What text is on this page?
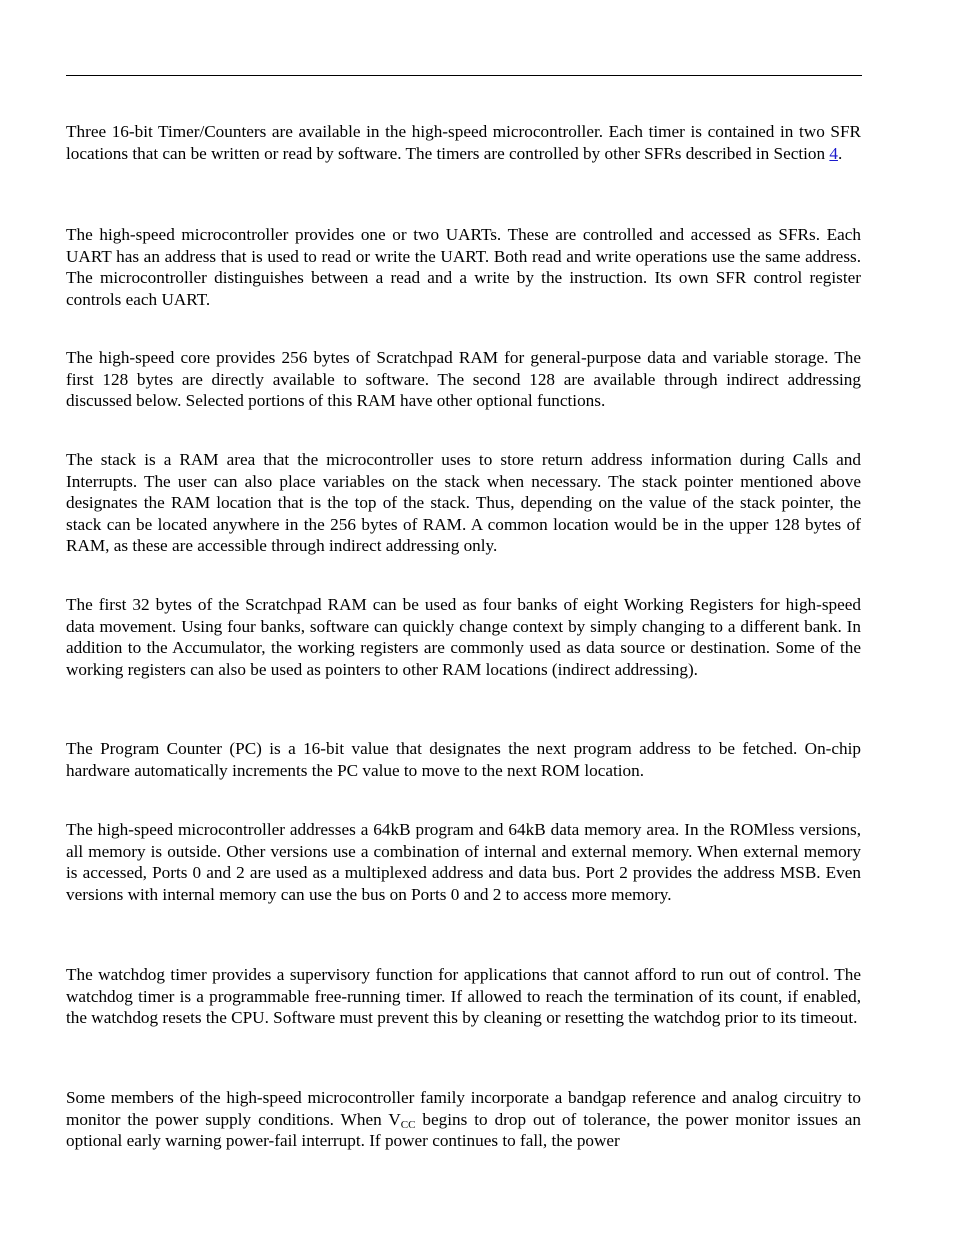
Three 16-bit Timer/Counters are available in the high-speed microcontroller. Each timer is contained in two SFR locations that can be written or read by software. The timers are controlled by other SFRs described in Section 4.

The high-speed microcontroller provides one or two UARTs. These are controlled and accessed as SFRs. Each UART has an address that is used to read or write the UART. Both read and write operations use the same address. The microcontroller distinguishes between a read and a write by the instruction. Its own SFR control register controls each UART.

The high-speed core provides 256 bytes of Scratchpad RAM for general-purpose data and variable storage. The first 128 bytes are directly available to software. The second 128 are available through indirect addressing discussed below. Selected portions of this RAM have other optional functions.

The stack is a RAM area that the microcontroller uses to store return address information during Calls and Interrupts. The user can also place variables on the stack when necessary. The stack pointer mentioned above designates the RAM location that is the top of the stack. Thus, depending on the value of the stack pointer, the stack can be located anywhere in the 256 bytes of RAM. A common location would be in the upper 128 bytes of RAM, as these are accessible through indirect addressing only.

The first 32 bytes of the Scratchpad RAM can be used as four banks of eight Working Registers for high-speed data movement. Using four banks, software can quickly change context by simply changing to a different bank. In addition to the Accumulator, the working registers are commonly used as data source or destination. Some of the working registers can also be used as pointers to other RAM locations (indirect addressing).

The Program Counter (PC) is a 16-bit value that designates the next program address to be fetched. On-chip hardware automatically increments the PC value to move to the next ROM location.

The high-speed microcontroller addresses a 64kB program and 64kB data memory area. In the ROMless versions, all memory is outside. Other versions use a combination of internal and external memory. When external memory is accessed, Ports 0 and 2 are used as a multiplexed address and data bus. Port 2 provides the address MSB. Even versions with internal memory can use the bus on Ports 0 and 2 to access more memory.

The watchdog timer provides a supervisory function for applications that cannot afford to run out of control. The watchdog timer is a programmable free-running timer. If allowed to reach the termination of its count, if enabled, the watchdog resets the CPU. Software must prevent this by cleaning or resetting the watchdog prior to its timeout.

Some members of the high-speed microcontroller family incorporate a bandgap reference and analog circuitry to monitor the power supply conditions. When $V_{CC}$ begins to drop out of tolerance, the power monitor issues an optional early warning power-fail interrupt. If power continues to fall, the power
